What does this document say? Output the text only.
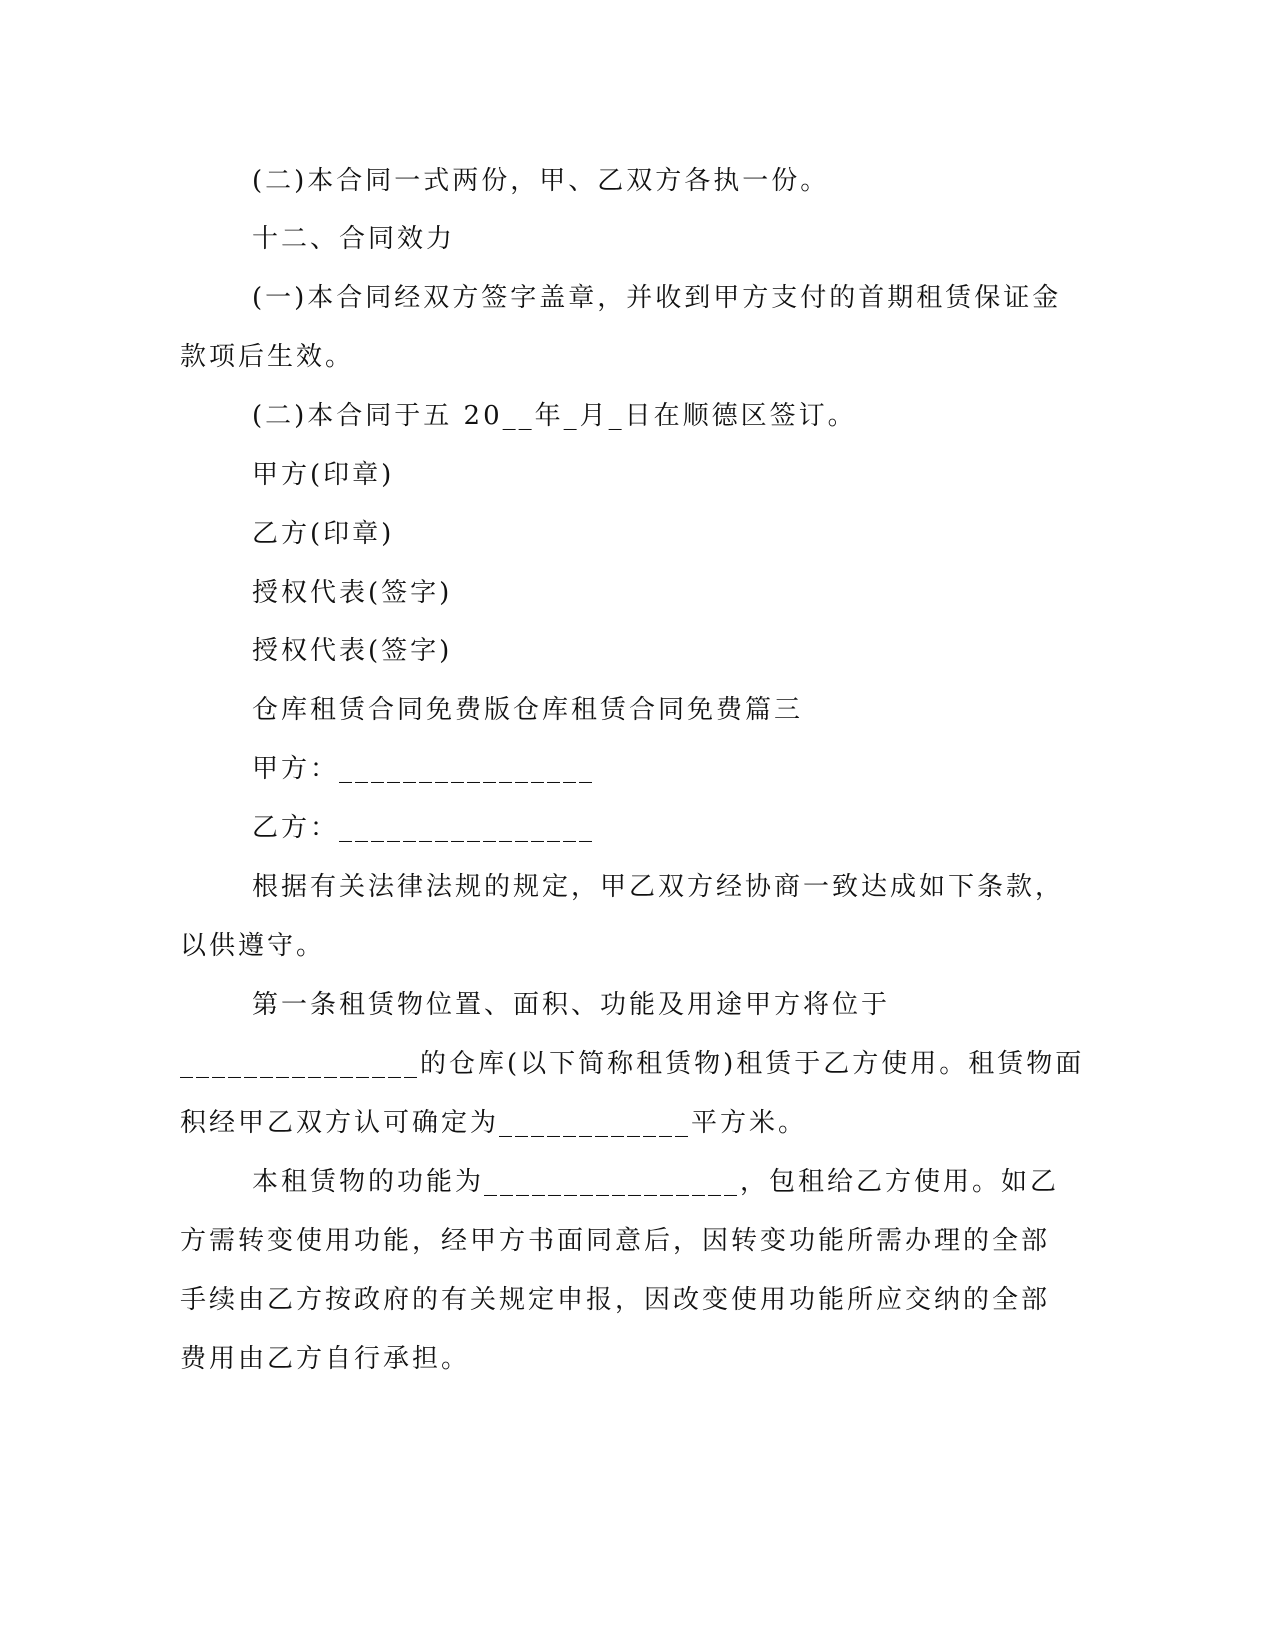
(二)本合同一式两份，甲、乙双方各执一份。
十二、合同效力
(一)本合同经双方签字盖章，并收到甲方支付的首期租赁保证金
款项后生效。
(二)本合同于五 20__年_月_日在顺德区签订。
甲方(印章)
乙方(印章)
授权代表(签字)
授权代表(签字)
仓库租赁合同免费版仓库租赁合同免费篇三
甲方：________________
乙方：________________
根据有关法律法规的规定，甲乙双方经协商一致达成如下条款，
以供遵守。
第一条租赁物位置、面积、功能及用途甲方将位于
_______________的仓库(以下简称租赁物)租赁于乙方使用。租赁物面
积经甲乙双方认可确定为____________平方米。
本租赁物的功能为________________，包租给乙方使用。如乙
方需转变使用功能，经甲方书面同意后，因转变功能所需办理的全部
手续由乙方按政府的有关规定申报，因改变使用功能所应交纳的全部
费用由乙方自行承担。
